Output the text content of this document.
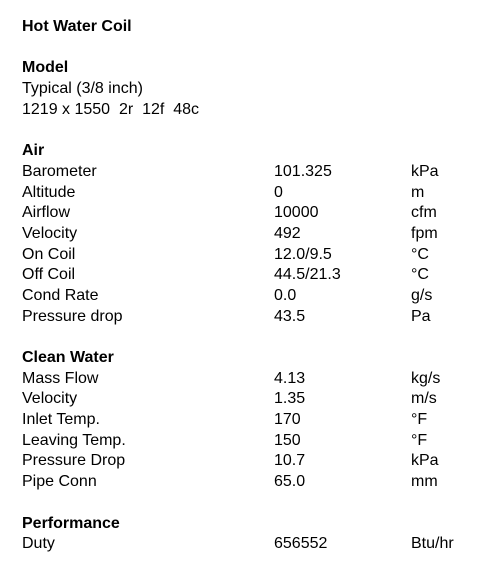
Hot Water Coil
Model
Typical (3/8 inch)
1219 x 1550  2r  12f  48c
Air
Barometer	101.325	kPa
Altitude	0	m
Airflow	10000	cfm
Velocity	492	fpm
On Coil	12.0/9.5	°C
Off Coil	44.5/21.3	°C
Cond Rate	0.0	g/s
Pressure drop	43.5	Pa
Clean Water
Mass Flow	4.13	kg/s
Velocity	1.35	m/s
Inlet Temp.	170	°F
Leaving Temp.	150	°F
Pressure Drop	10.7	kPa
Pipe Conn	65.0	mm
Performance
Duty	656552	Btu/hr
